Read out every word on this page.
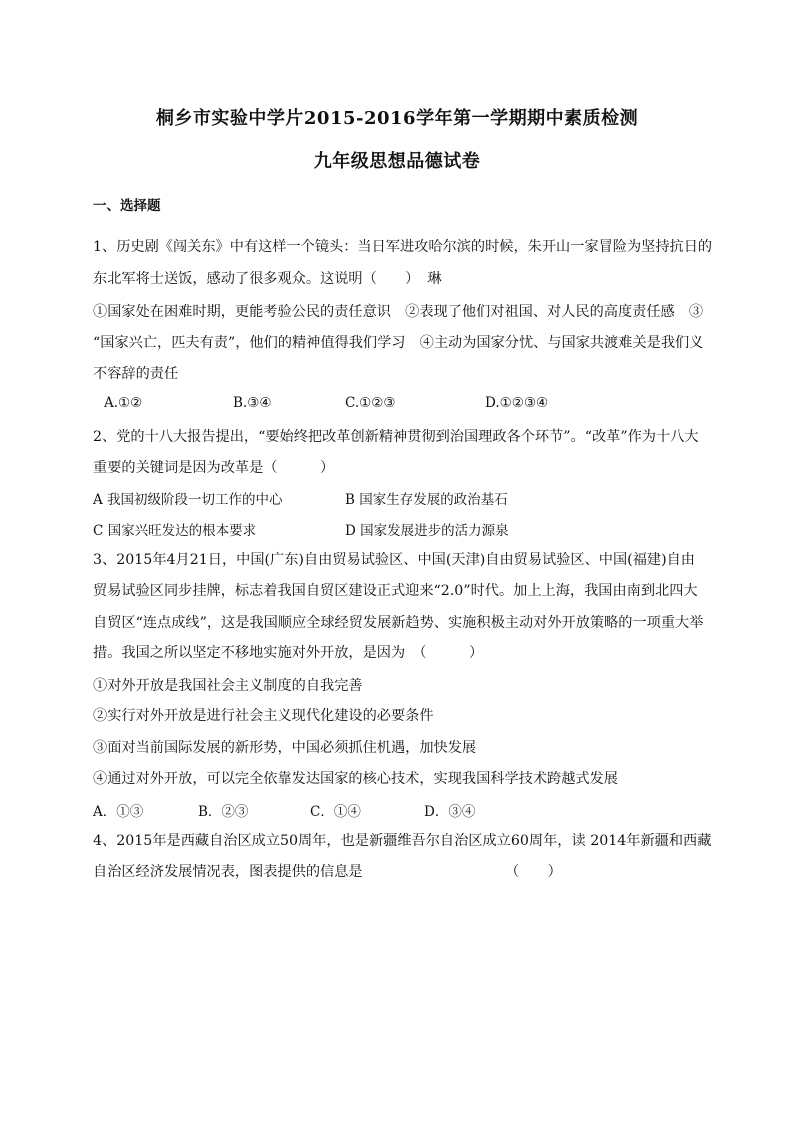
桐乡市实验中学片2015-2016学年第一学期期中素质检测
九年级思想品德试卷
一、选择题
1、历史剧《闯关东》中有这样一个镜头：当日军进攻哈尔滨的时候，朱开山一家冒险为坚持抗日的
东北军将士送饭，感动了很多观众。这说明（　　） 琳
①国家处在困难时期，更能考验公民的责任意识　②表现了他们对祖国、对人民的高度责任感　③
“国家兴亡，匹夫有责”，他们的精神值得我们学习　④主动为国家分忧、与国家共渡难关是我们义
不容辞的责任
A.①②	B.③④	C.①②③	D.①②③④
2、党的十八大报告提出，“要始终把改革创新精神贯彻到治国理政各个环节”。“改革”作为十八大
重要的关键词是因为改革是（　　　）
A 我国初级阶段一切工作的中心	B 国家生存发展的政治基石
C 国家兴旺发达的根本要求	D 国家发展进步的活力源泉
3、2015年4月21日，中国(广东)自由贸易试验区、中国(天津)自由贸易试验区、中国(福建)自由
贸易试验区同步挂牌，标志着我国自贸区建设正式迎来“2.0”时代。加上上海，我国由南到北四大
自贸区“连点成线”，这是我国顺应全球经贸发展新趋势、实施积极主动对外开放策略的一项重大举
措。我国之所以坚定不移地实施对外开放，是因为　（　　　）
①对外开放是我国社会主义制度的自我完善
②实行对外开放是进行社会主义现代化建设的必要条件
③面对当前国际发展的新形势，中国必须抓住机遇，加快发展
④通过对外开放，可以完全依靠发达国家的核心技术，实现我国科学技术跨越式发展
A．①③	B．②③	C．①④	D．③④
4、2015年是西藏自治区成立50周年，也是新疆维吾尔自治区成立60周年，读 2014年新疆和西藏
自治区经济发展情况表，图表提供的信息是	（　　）
